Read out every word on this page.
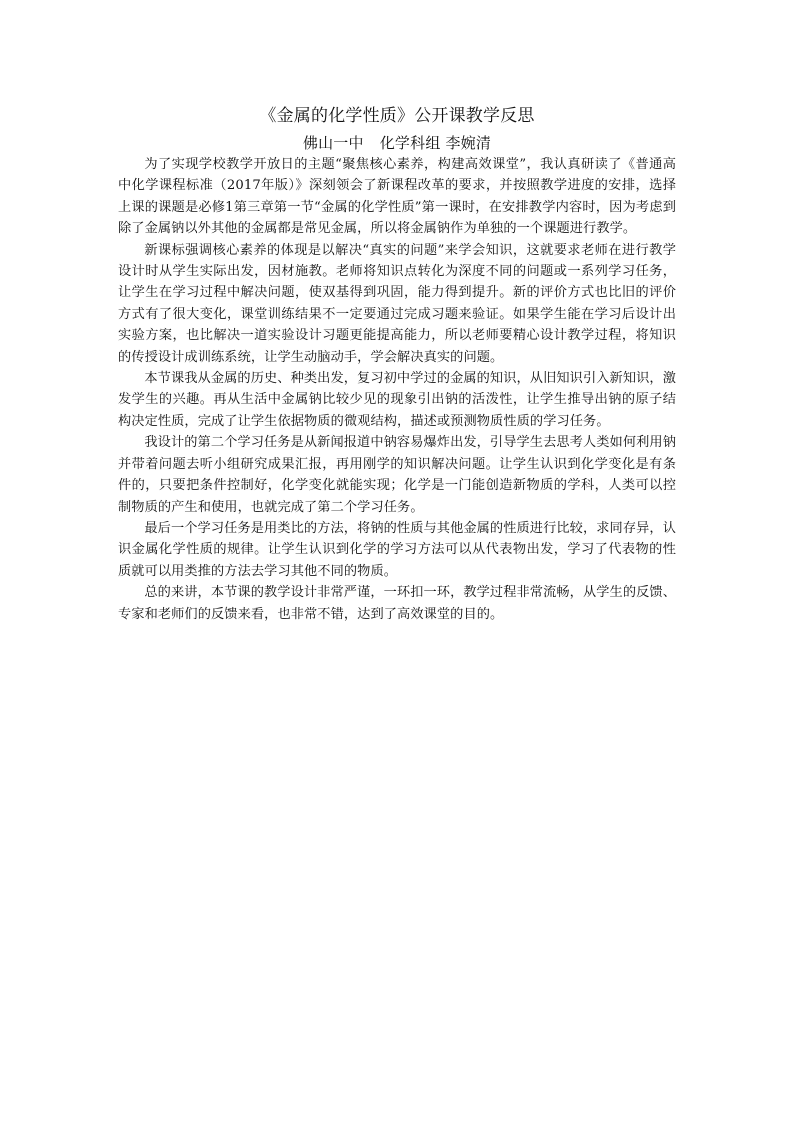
《金属的化学性质》公开课教学反思
佛山一中 化学科组 李婉清

为了实现学校教学开放日的主题“聚焦核心素养，构建高效课堂”，我认真研读了《普通高中化学课程标准（2017年版）》深刻领会了新课程改革的要求，并按照教学进度的安排，选择上课的课题是必修1第三章第一节“金属的化学性质”第一课时，在安排教学内容时，因为考虑到除了金属钠以外其他的金属都是常见金属，所以将金属钠作为单独的一个课题进行教学。

新课标强调核心素养的体现是以解决“真实的问题”来学会知识，这就要求老师在进行教学设计时从学生实际出发，因材施教。老师将知识点转化为深度不同的问题或一系列学习任务，让学生在学习过程中解决问题，使双基得到巩固，能力得到提升。新的评价方式也比旧的评价方式有了很大变化，课堂训练结果不一定要通过完成习题来验证。如果学生能在学习后设计出实验方案，也比解决一道实验设计习题更能提高能力，所以老师要精心设计教学过程，将知识的传授设计成训练系统，让学生动脑动手，学会解决真实的问题。

本节课我从金属的历史、种类出发，复习初中学过的金属的知识，从旧知识引入新知识，激发学生的兴趣。再从生活中金属钠比较少见的现象引出钠的活泼性，让学生推导出钠的原子结构决定性质，完成了让学生依据物质的微观结构，描述或预测物质性质的学习任务。

我设计的第二个学习任务是从新闻报道中钠容易爆炸出发，引导学生去思考人类如何利用钠并带着问题去听小组研究成果汇报，再用刚学的知识解决问题。让学生认识到化学变化是有条件的，只要把条件控制好，化学变化就能实现；化学是一门能创造新物质的学科，人类可以控制物质的产生和使用，也就完成了第二个学习任务。

最后一个学习任务是用类比的方法，将钠的性质与其他金属的性质进行比较，求同存异，认识金属化学性质的规律。让学生认识到化学的学习方法可以从代表物出发，学习了代表物的性质就可以用类推的方法去学习其他不同的物质。

总的来讲，本节课的教学设计非常严谨，一环扣一环，教学过程非常流畅，从学生的反馈、专家和老师们的反馈来看，也非常不错，达到了高效课堂的目的。
